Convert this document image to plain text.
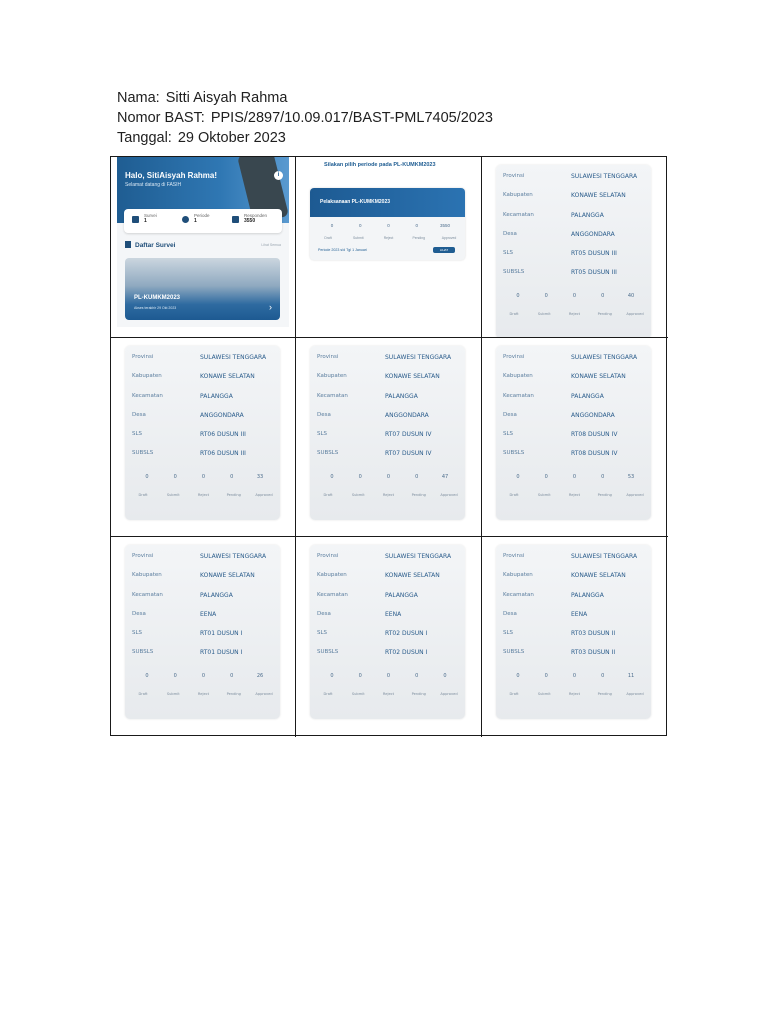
Nama: Sitti Aisyah Rahma
Nomor BAST: PPIS/2897/10.09.017/BAST-PML7405/2023
Tanggal: 29 Oktober 2023
Halo, SitiAisyah Rahma!
Selamat datang di FASIH
i
Survei
1
Periode
1
Responden
3550
Daftar Survei	Lihat Semua
PL-KUMKM2023
Akses terakhir 29 Okt 2023	›
Silakan pilih periode pada PL-KUMKM2023
Pelaksanaan PL-KUMKM2023
0	0	0	0	3550
Draft	Submit	Reject	Pending	Approved
Periode 2023 s/d Tgl 1 Januari	LIHAT
Provinsi	SULAWESI TENGGARA
Kabupaten	KONAWE SELATAN
Kecamatan	PALANGGA
Desa	ANGGONDARA
SLS	RT05 DUSUN III
SUBSLS	RT05 DUSUN III
0	0	0	0	40
Draft	Submit	Reject	Pending	Approved
Provinsi	SULAWESI TENGGARA
Kabupaten	KONAWE SELATAN
Kecamatan	PALANGGA
Desa	ANGGONDARA
SLS	RT06 DUSUN III
SUBSLS	RT06 DUSUN III
0	0	0	0	33
Draft	Submit	Reject	Pending	Approved
Provinsi	SULAWESI TENGGARA
Kabupaten	KONAWE SELATAN
Kecamatan	PALANGGA
Desa	ANGGONDARA
SLS	RT07 DUSUN IV
SUBSLS	RT07 DUSUN IV
0	0	0	0	47
Draft	Submit	Reject	Pending	Approved
Provinsi	SULAWESI TENGGARA
Kabupaten	KONAWE SELATAN
Kecamatan	PALANGGA
Desa	ANGGONDARA
SLS	RT08 DUSUN IV
SUBSLS	RT08 DUSUN IV
0	0	0	0	53
Draft	Submit	Reject	Pending	Approved
Provinsi	SULAWESI TENGGARA
Kabupaten	KONAWE SELATAN
Kecamatan	PALANGGA
Desa	EENA
SLS	RT01 DUSUN I
SUBSLS	RT01 DUSUN I
0	0	0	0	26
Draft	Submit	Reject	Pending	Approved
Provinsi	SULAWESI TENGGARA
Kabupaten	KONAWE SELATAN
Kecamatan	PALANGGA
Desa	EENA
SLS	RT02 DUSUN I
SUBSLS	RT02 DUSUN I
0	0	0	0	0
Draft	Submit	Reject	Pending	Approved
Provinsi	SULAWESI TENGGARA
Kabupaten	KONAWE SELATAN
Kecamatan	PALANGGA
Desa	EENA
SLS	RT03 DUSUN II
SUBSLS	RT03 DUSUN II
0	0	0	0	11
Draft	Submit	Reject	Pending	Approved
